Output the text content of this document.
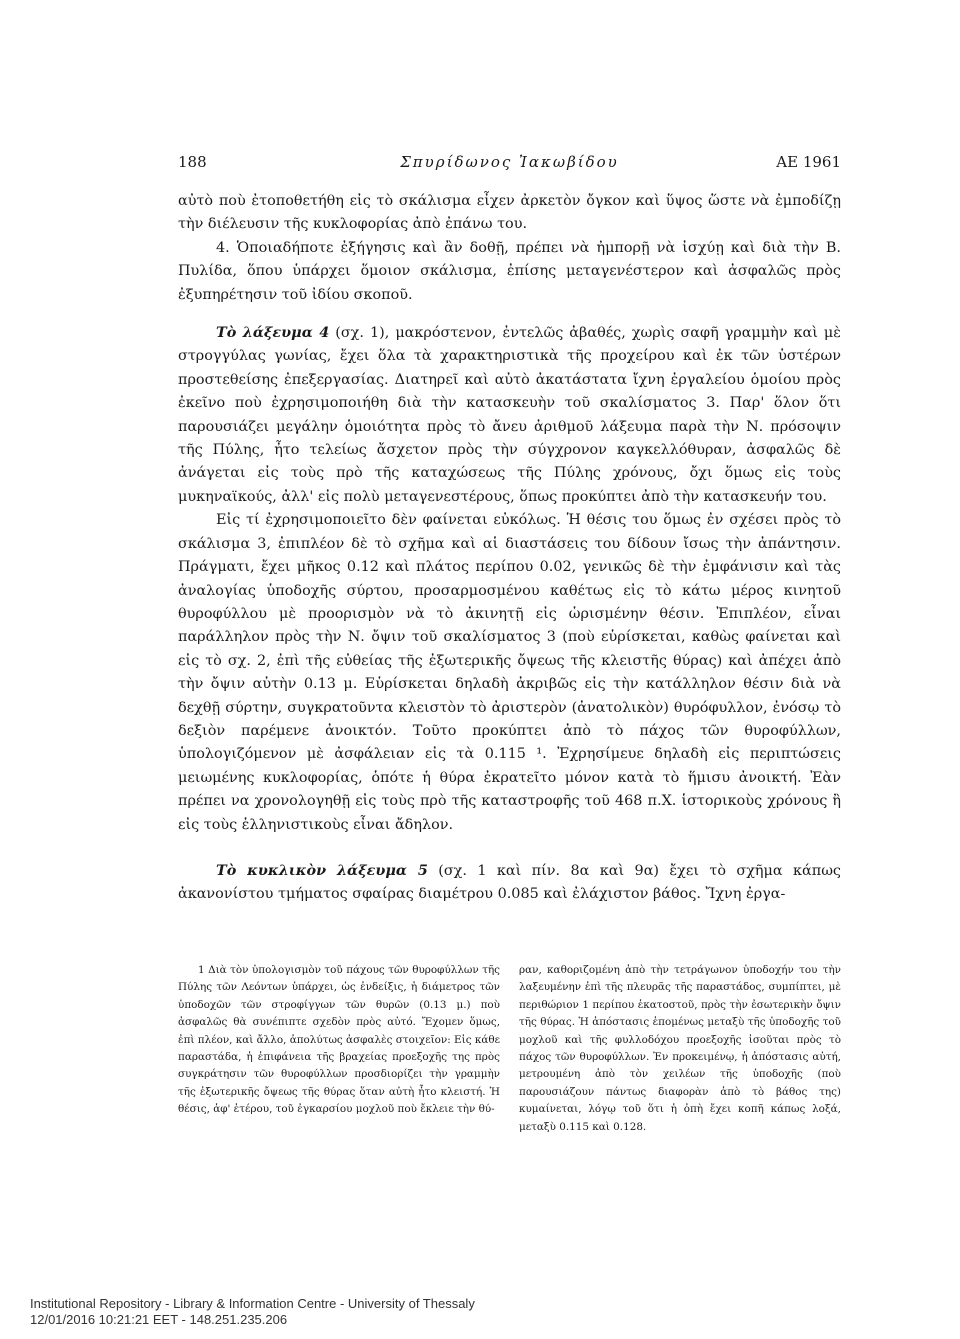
188	Σπυρίδωνος Ἰακωβίδου	ΑΕ 1961

αὐτὸ ποὺ ἐτοποθετήθη εἰς τὸ σκάλισμα εἶχεν ἀρκετὸν ὄγκον καὶ ὕψος ὥστε νὰ ἐμποδίζῃ τὴν διέλευσιν τῆς κυκλοφορίας ἀπὸ ἐπάνω του.

4. Ὁποιαδήποτε ἐξήγησις καὶ ἂν δοθῇ, πρέπει νὰ ἠμπορῇ νὰ ἰσχύῃ καὶ διὰ τὴν Β. Πυλίδα, ὅπου ὑπάρχει ὅμοιον σκάλισμα, ἐπίσης μεταγενέστερον καὶ ἀσφαλῶς πρὸς ἐξυπηρέτησιν τοῦ ἰδίου σκοποῦ.

Τὸ λάξευμα 4 (σχ. 1), μακρόστενον, ἐντελῶς ἀβαθές, χωρὶς σαφῆ γραμμὴν καὶ μὲ στρογγύλας γωνίας, ἔχει ὅλα τὰ χαρακτηριστικὰ τῆς προχείρου καὶ ἐκ τῶν ὑστέρων προστεθείσης ἐπεξεργασίας. Διατηρεῖ καὶ αὐτὸ ἀκατάστατα ἴχνη ἐργαλείου ὁμοίου πρὸς ἐκεῖνο ποὺ ἐχρησιμοποιήθη διὰ τὴν κατασκευὴν τοῦ σκαλίσματος 3. Παρ' ὅλον ὅτι παρουσιάζει μεγάλην ὁμοιότητα πρὸς τὸ ἄνευ ἀριθμοῦ λάξευμα παρὰ τὴν Ν. πρόσοψιν τῆς Πύλης, ἦτο τελείως ἄσχετον πρὸς τὴν σύγχρονον καγκελλόθυραν, ἀσφαλῶς δὲ ἀνάγεται εἰς τοὺς πρὸ τῆς καταχώσεως τῆς Πύλης χρόνους, ὄχι ὅμως εἰς τοὺς μυκηναϊκούς, ἀλλ' εἰς πολὺ μεταγενεστέρους, ὅπως προκύπτει ἀπὸ τὴν κατασκευήν του.

Εἰς τί ἐχρησιμοποιεῖτο δὲν φαίνεται εὐκόλως. Ἡ θέσις του ὅμως ἐν σχέσει πρὸς τὸ σκάλισμα 3, ἐπιπλέον δὲ τὸ σχῆμα καὶ αἱ διαστάσεις του δίδουν ἴσως τὴν ἀπάντησιν. Πράγματι, ἔχει μῆκος 0.12 καὶ πλάτος περίπου 0.02, γενικῶς δὲ τὴν ἐμφάνισιν καὶ τὰς ἀναλογίας ὑποδοχῆς σύρτου, προσαρμοσμένου καθέτως εἰς τὸ κάτω μέρος κινητοῦ θυροφύλλου μὲ προορισμὸν νὰ τὸ ἀκινητῇ εἰς ὡρισμένην θέσιν. Ἐπιπλέον, εἶναι παράλληλον πρὸς τὴν Ν. ὄψιν τοῦ σκαλίσματος 3 (ποὺ εὑρίσκεται, καθὼς φαίνεται καὶ εἰς τὸ σχ. 2, ἐπὶ τῆς εὐθείας τῆς ἐξωτερικῆς ὄψεως τῆς κλειστῆς θύρας) καὶ ἀπέχει ἀπὸ τὴν ὄψιν αὐτὴν 0.13 μ. Εὑρίσκεται δηλαδὴ ἀκριβῶς εἰς τὴν κατάλληλον θέσιν διὰ νὰ δεχθῇ σύρτην, συγκρατοῦντα κλειστὸν τὸ ἀριστερὸν (ἀνατολικὸν) θυρόφυλλον, ἐνόσῳ τὸ δεξιὸν παρέμενε ἀνοικτόν. Τοῦτο προκύπτει ἀπὸ τὸ πάχος τῶν θυροφύλλων, ὑπολογιζόμενον μὲ ἀσφάλειαν εἰς τὰ 0.115 ¹. Ἐχρησίμευε δηλαδὴ εἰς περιπτώσεις μειωμένης κυκλοφορίας, ὁπότε ἡ θύρα ἐκρατεῖτο μόνον κατὰ τὸ ἥμισυ ἀνοικτή. Ἐὰν πρέπει να χρονολογηθῇ εἰς τοὺς πρὸ τῆς καταστροφῆς τοῦ 468 π.Χ. ἱστορικοὺς χρόνους ἢ εἰς τοὺς ἑλληνιστικοὺς εἶναι ἄδηλον.

Τὸ κυκλικὸν λάξευμα 5 (σχ. 1 καὶ πίν. 8α καὶ 9α) ἔχει τὸ σχῆμα κάπως ἀκανονίστου τμήματος σφαίρας διαμέτρου 0.085 καὶ ἐλάχιστον βάθος. Ἴχνη ἐργα-

1 Διὰ τὸν ὑπολογισμὸν τοῦ πάχους τῶν θυροφύλλων τῆς Πύλης τῶν Λεόντων ὑπάρχει, ὡς ἐνδείξις, ἡ διάμετρος τῶν ὑποδοχῶν τῶν στροφίγγων τῶν θυρῶν (0.13 μ.) ποὺ ἀσφαλῶς θὰ συνέπιπτε σχεδὸν πρὸς αὐτό. Ἔχομεν ὅμως, ἐπὶ πλέον, καὶ ἄλλο, ἀπολύτως ἀσφαλὲς στοιχεῖον: Εἰς κάθε παραστάδα, ἡ ἐπιφάνεια τῆς βραχείας προεξοχῆς της πρὸς συγκράτησιν τῶν θυροφύλλων προσδιορίζει τὴν γραμμὴν τῆς ἐξωτερικῆς ὄψεως τῆς θύρας ὅταν αὐτὴ ἦτο κλειστή. Ἡ θέσις, ἀφ' ἑτέρου, τοῦ ἐγκαρσίου μοχλοῦ ποὺ ἔκλειε τὴν θύ-

ραν, καθοριζομένη ἀπὸ τὴν τετράγωνον ὑποδοχήν του τὴν λαξευμένην ἐπὶ τῆς πλευρᾶς τῆς παραστάδος, συμπίπτει, μὲ περιθώριον 1 περίπου ἑκατοστοῦ, πρὸς τὴν ἐσωτερικὴν ὄψιν τῆς θύρας. Ἡ ἀπόστασις ἑπομένως μεταξὺ τῆς ὑποδοχῆς τοῦ μοχλοῦ καὶ τῆς φυλλοδόχου προεξοχῆς ἰσοῦται πρὸς τὸ πάχος τῶν θυροφύλλων. Ἐν προκειμένῳ, ἡ ἀπόστασις αὐτή, μετρουμένη ἀπὸ τὸν χειλέων τῆς ὑποδοχῆς (ποὺ παρουσιάζουν πάντως διαφορὰν ἀπὸ τὸ βάθος της) κυμαίνεται, λόγῳ τοῦ ὅτι ἡ ὀπὴ ἔχει κοπῆ κάπως λοξά, μεταξὺ 0.115 καὶ 0.128.

Institutional Repository - Library & Information Centre - University of Thessaly
12/01/2016 10:21:21 EET - 148.251.235.206
